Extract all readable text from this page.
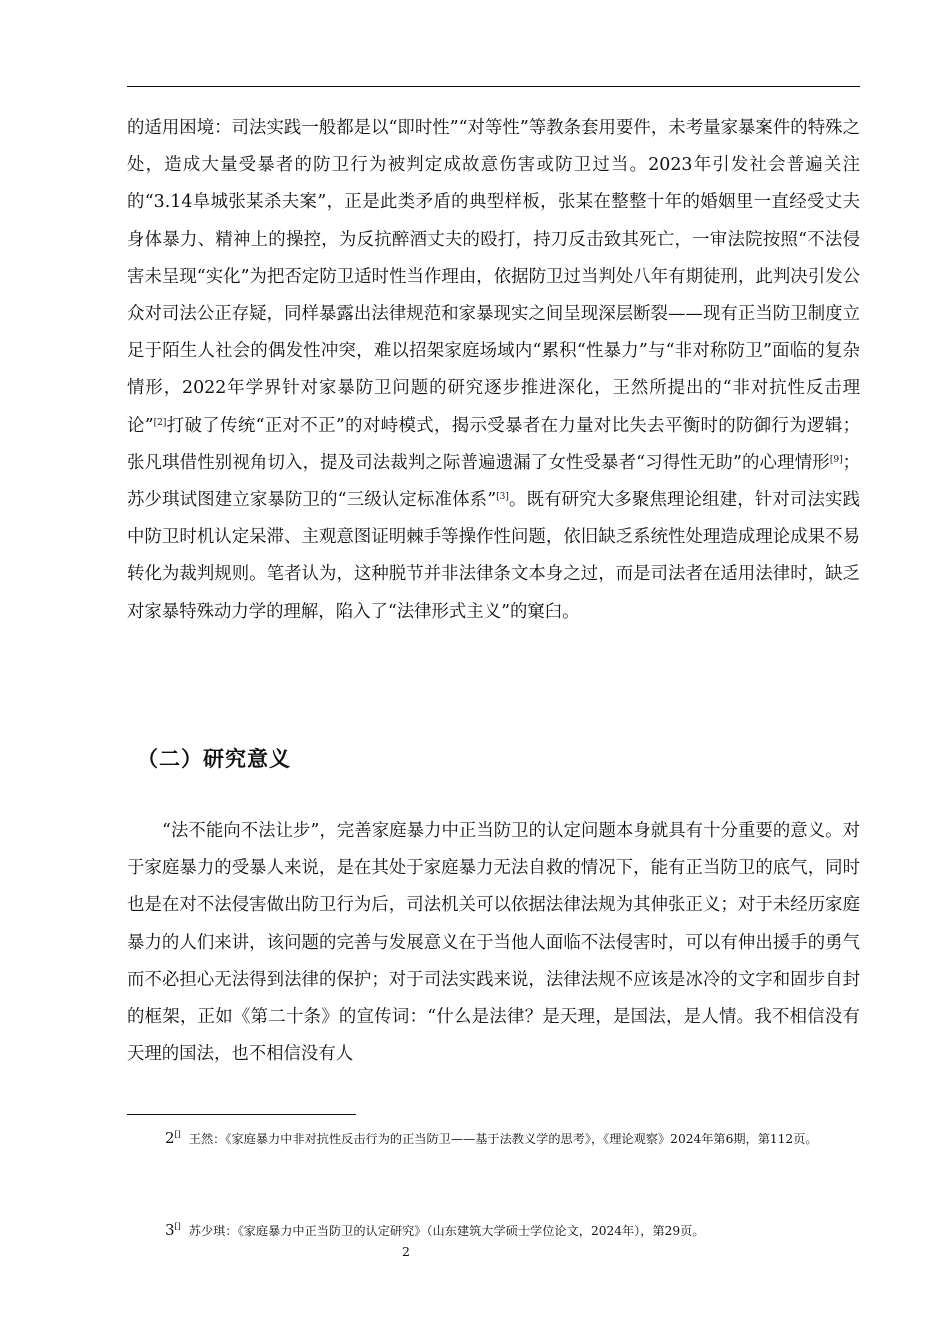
的适用困境：司法实践一般都是以“即时性”“对等性”等教条套用要件，未考量家暴案件的特殊之处，造成大量受暴者的防卫行为被判定成故意伤害或防卫过当。2023年引发社会普遍关注的“3.14阜城张某杀夫案”，正是此类矛盾的典型样板，张某在整整十年的婚姻里一直经受丈夫身体暴力、精神上的操控，为反抗醉酒丈夫的殴打，持刀反击致其死亡，一审法院按照“不法侵害未呈现“实化”为把否定防卫适时性当作理由，依据防卫过当判处八年有期徒刑，此判决引发公众对司法公正存疑，同样暴露出法律规范和家暴现实之间呈现深层断裂——现有正当防卫制度立足于陌生人社会的偶发性冲突，难以招架家庭场域内“累积“性暴力”与“非对称防卫”面临的复杂情形，2022年学界针对家暴防卫问题的研究逐步推进深化，王然所提出的“非对抗性反击理论”[2]打破了传统“正对不正”的对峙模式，揭示受暴者在力量对比失去平衡时的防御行为逻辑；张凡琪借性别视角切入，提及司法裁判之际普遍遗漏了女性受暴者“习得性无助”的心理情形[9]；苏少琪试图建立家暴防卫的“三级认定标准体系”[3]。既有研究大多聚焦理论组建，针对司法实践中防卫时机认定呆滞、主观意图证明棘手等操作性问题，依旧缺乏系统性处理造成理论成果不易转化为裁判规则。笔者认为，这种脱节并非法律条文本身之过，而是司法者在适用法律时，缺乏对家暴特殊动力学的理解，陷入了“法律形式主义”的窠臼。

（二）研究意义

“法不能向不法让步”，完善家庭暴力中正当防卫的认定问题本身就具有十分重要的意义。对于家庭暴力的受暴人来说，是在其处于家庭暴力无法自救的情况下，能有正当防卫的底气，同时也是在对不法侵害做出防卫行为后，司法机关可以依据法律法规为其伸张正义；对于未经历家庭暴力的人们来讲，该问题的完善与发展意义在于当他人面临不法侵害时，可以有伸出援手的勇气而不必担心无法得到法律的保护；对于司法实践来说，法律法规不应该是冰冷的文字和固步自封的框架，正如《第二十条》的宣传词：“什么是法律？是天理，是国法，是人情。我不相信没有天理的国法，也不相信没有人

2[] 王然：《家庭暴力中非对抗性反击行为的正当防卫——基于法教义学的思考》，《理论观察》2024年第6期，第112页。

3[] 苏少琪：《家庭暴力中正当防卫的认定研究》（山东建筑大学硕士学位论文，2024年），第29页。

2
